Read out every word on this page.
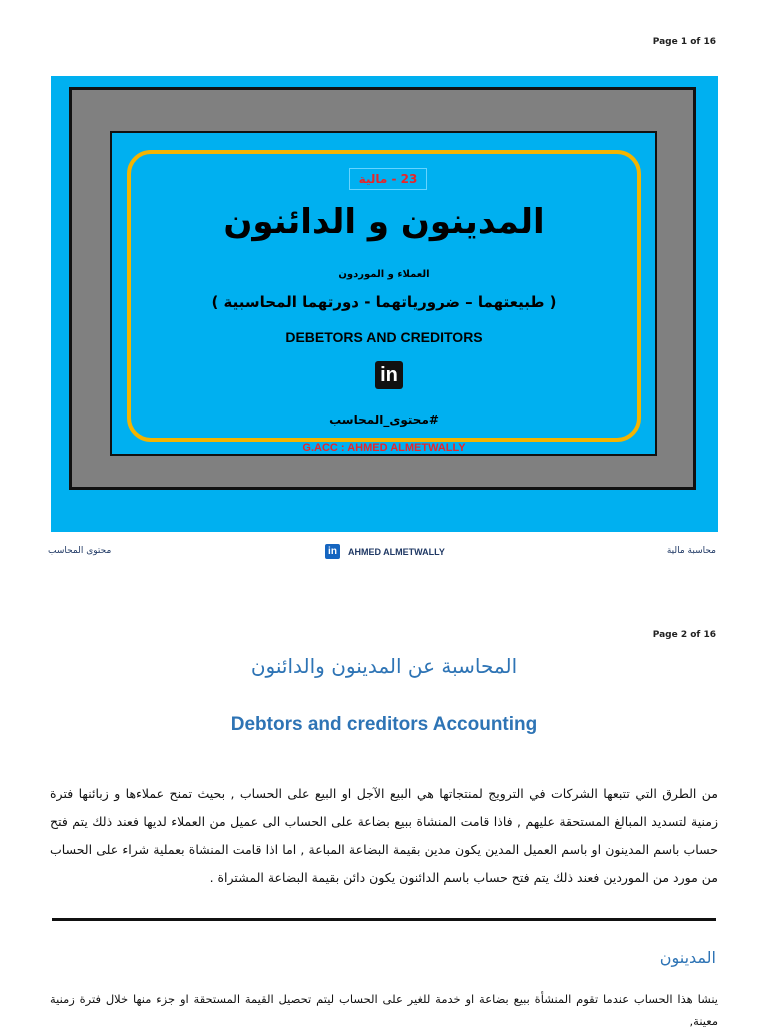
Page 1 of 16
23 - مالية
المدينون و الدائنون
العملاء و الموردون
( طبيعتهما – ضرورياتهما - دورتهما المحاسبية )
DEBETORS AND CREDITORS
in
#محتوى_المحاسب
G.ACC : AHMED ALMETWALLY
محتوى المحاسب	in	AHMED ALMETWALLY	محاسبة مالية
Page 2 of 16
المحاسبة عن المدينون والدائنون
Debtors and creditors Accounting
من الطرق التي تتبعها الشركات في الترويج لمنتجاتها هي البيع الآجل او البيع على الحساب , بحيث تمنح عملاءها و زبائنها فترة زمنية لتسديد المبالغ المستحقة عليهم , فاذا قامت المنشاة ببيع بضاعة على الحساب الى عميل من العملاء لديها فعند ذلك يتم فتح حساب باسم المدينون او باسم العميل المدين يكون مدين بقيمة البضاعة المباعة , اما اذا قامت المنشاة بعملية شراء على الحساب من مورد من الموردين فعند ذلك يتم فتح حساب باسم الدائنون يكون دائن بقيمة البضاعة المشتراة .
المدينون
ينشا هذا الحساب عندما تقوم المنشأة ببيع بضاعة او خدمة للغير على الحساب ليتم تحصيل القيمة المستحقة او جزء منها خلال فترة زمنية معينة,
